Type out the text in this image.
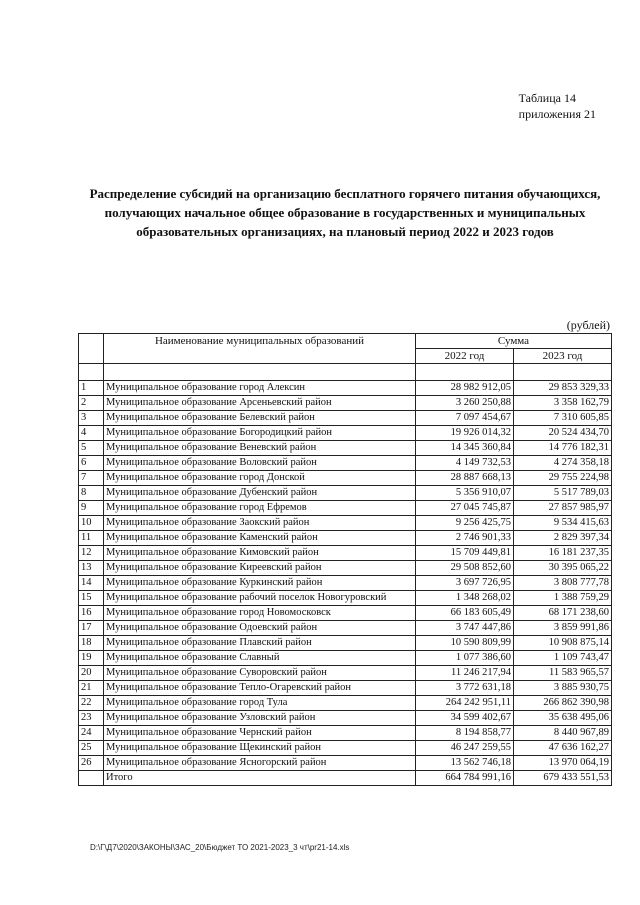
Таблица 14
приложения 21
Распределение субсидий на организацию бесплатного горячего питания обучающихся, получающих начальное общее образование в государственных и муниципальных образовательных организациях, на плановый период 2022 и 2023 годов
(рублей)
	Наименование муниципальных образований	Сумма	
		2022 год	2023 год

1	Муниципальное образование город Алексин	28 982 912,05	29 853 329,33
2	Муниципальное образование Арсеньевский район	3 260 250,88	3 358 162,79
3	Муниципальное образование Белевский район	7 097 454,67	7 310 605,85
4	Муниципальное образование Богородицкий район	19 926 014,32	20 524 434,70
5	Муниципальное образование Веневский район	14 345 360,84	14 776 182,31
6	Муниципальное образование Воловский район	4 149 732,53	4 274 358,18
7	Муниципальное образование город Донской	28 887 668,13	29 755 224,98
8	Муниципальное образование Дубенский район	5 356 910,07	5 517 789,03
9	Муниципальное образование город Ефремов	27 045 745,87	27 857 985,97
10	Муниципальное образование Заокский район	9 256 425,75	9 534 415,63
11	Муниципальное образование Каменский район	2 746 901,33	2 829 397,34
12	Муниципальное образование Кимовский район	15 709 449,81	16 181 237,35
13	Муниципальное образование Киреевский район	29 508 852,60	30 395 065,22
14	Муниципальное образование Куркинский район	3 697 726,95	3 808 777,78
15	Муниципальное образование рабочий поселок Новогуровский	1 348 268,02	1 388 759,29
16	Муниципальное образование город Новомосковск	66 183 605,49	68 171 238,60
17	Муниципальное образование Одоевский район	3 747 447,86	3 859 991,86
18	Муниципальное образование Плавский район	10 590 809,99	10 908 875,14
19	Муниципальное образование Славный	1 077 386,60	1 109 743,47
20	Муниципальное образование Суворовский район	11 246 217,94	11 583 965,57
21	Муниципальное образование Тепло-Огаревский район	3 772 631,18	3 885 930,75
22	Муниципальное образование город Тула	264 242 951,11	266 862 390,98
23	Муниципальное образование Узловский район	34 599 402,67	35 638 495,06
24	Муниципальное образование Чернский район	8 194 858,77	8 440 967,89
25	Муниципальное образование Щекинский район	46 247 259,55	47 636 162,27
26	Муниципальное образование Ясногорский район	13 562 746,18	13 970 064,19
	Итого	664 784 991,16	679 433 551,53
D:\Г\Д7\2020\ЗАКОНЫ\ЗАС_20\Бюджет ТО 2021-2023_3 чт\pr21-14.xls
